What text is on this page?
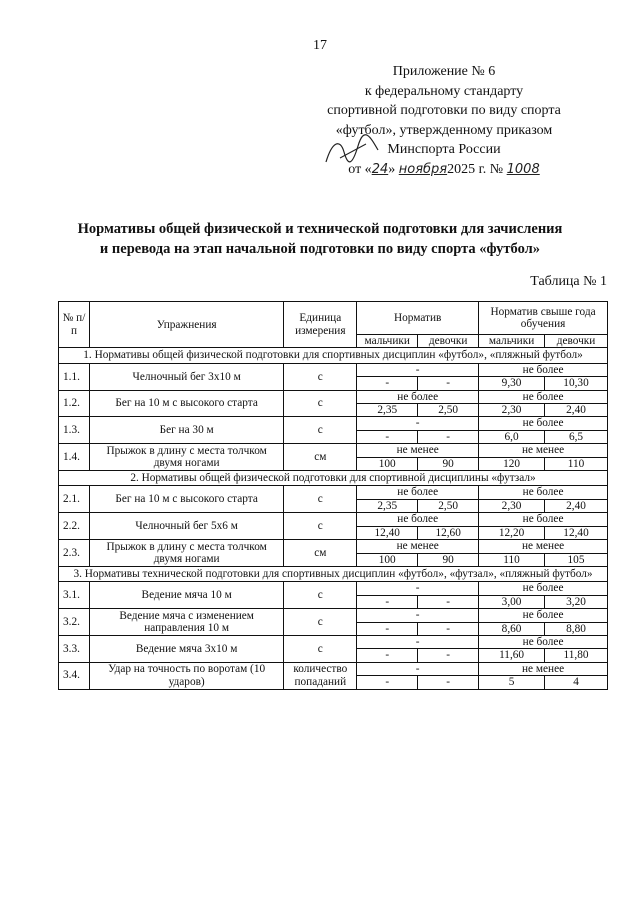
17
Приложение № 6
к федеральному стандарту
спортивной подготовки по виду спорта
«футбол», утвержденному приказом
Минспорта России
от «24» ноября2025 г. № 1008
Нормативы общей физической и технической подготовки для зачисления
и перевода на этап начальной подготовки по виду спорта «футбол»
Таблица № 1
№ п/п	Упражнения	Единица измерения	Норматив		Норматив свыше года обучения	
			мальчики	девочки	мальчики	девочки
1. Нормативы общей физической подготовки для спортивных дисциплин «футбол», «пляжный футбол»						
1.1.	Челночный бег 3х10 м	с	-		не более	
			-	-	9,30	10,30
1.2.	Бег на 10 м с высокого старта	с	не более		не более	
			2,35	2,50	2,30	2,40
1.3.	Бег на 30 м	с	-		не более	
			-	-	6,0	6,5
1.4.	Прыжок в длину с места толчком двумя ногами	см	не менее		не менее	
			100	90	120	110
2. Нормативы общей физической подготовки для спортивной дисциплины «футзал»						
2.1.	Бег на 10 м с высокого старта	с	не более		не более	
			2,35	2,50	2,30	2,40
2.2.	Челночный бег 5х6 м	с	не более		не более	
			12,40	12,60	12,20	12,40
2.3.	Прыжок в длину с места толчком двумя ногами	см	не менее		не менее	
			100	90	110	105
3. Нормативы технической подготовки для спортивных дисциплин «футбол», «футзал», «пляжный футбол»						
3.1.	Ведение мяча 10 м	с	-		не более	
			-	-	3,00	3,20
3.2.	Ведение мяча с изменением направления 10 м	с	-		не более	
			-	-	8,60	8,80
3.3.	Ведение мяча 3х10 м	с	-		не более	
			-	-	11,60	11,80
3.4.	Удар на точность по воротам (10 ударов)	количество попаданий	-		не менее	
			-	-	5	4
